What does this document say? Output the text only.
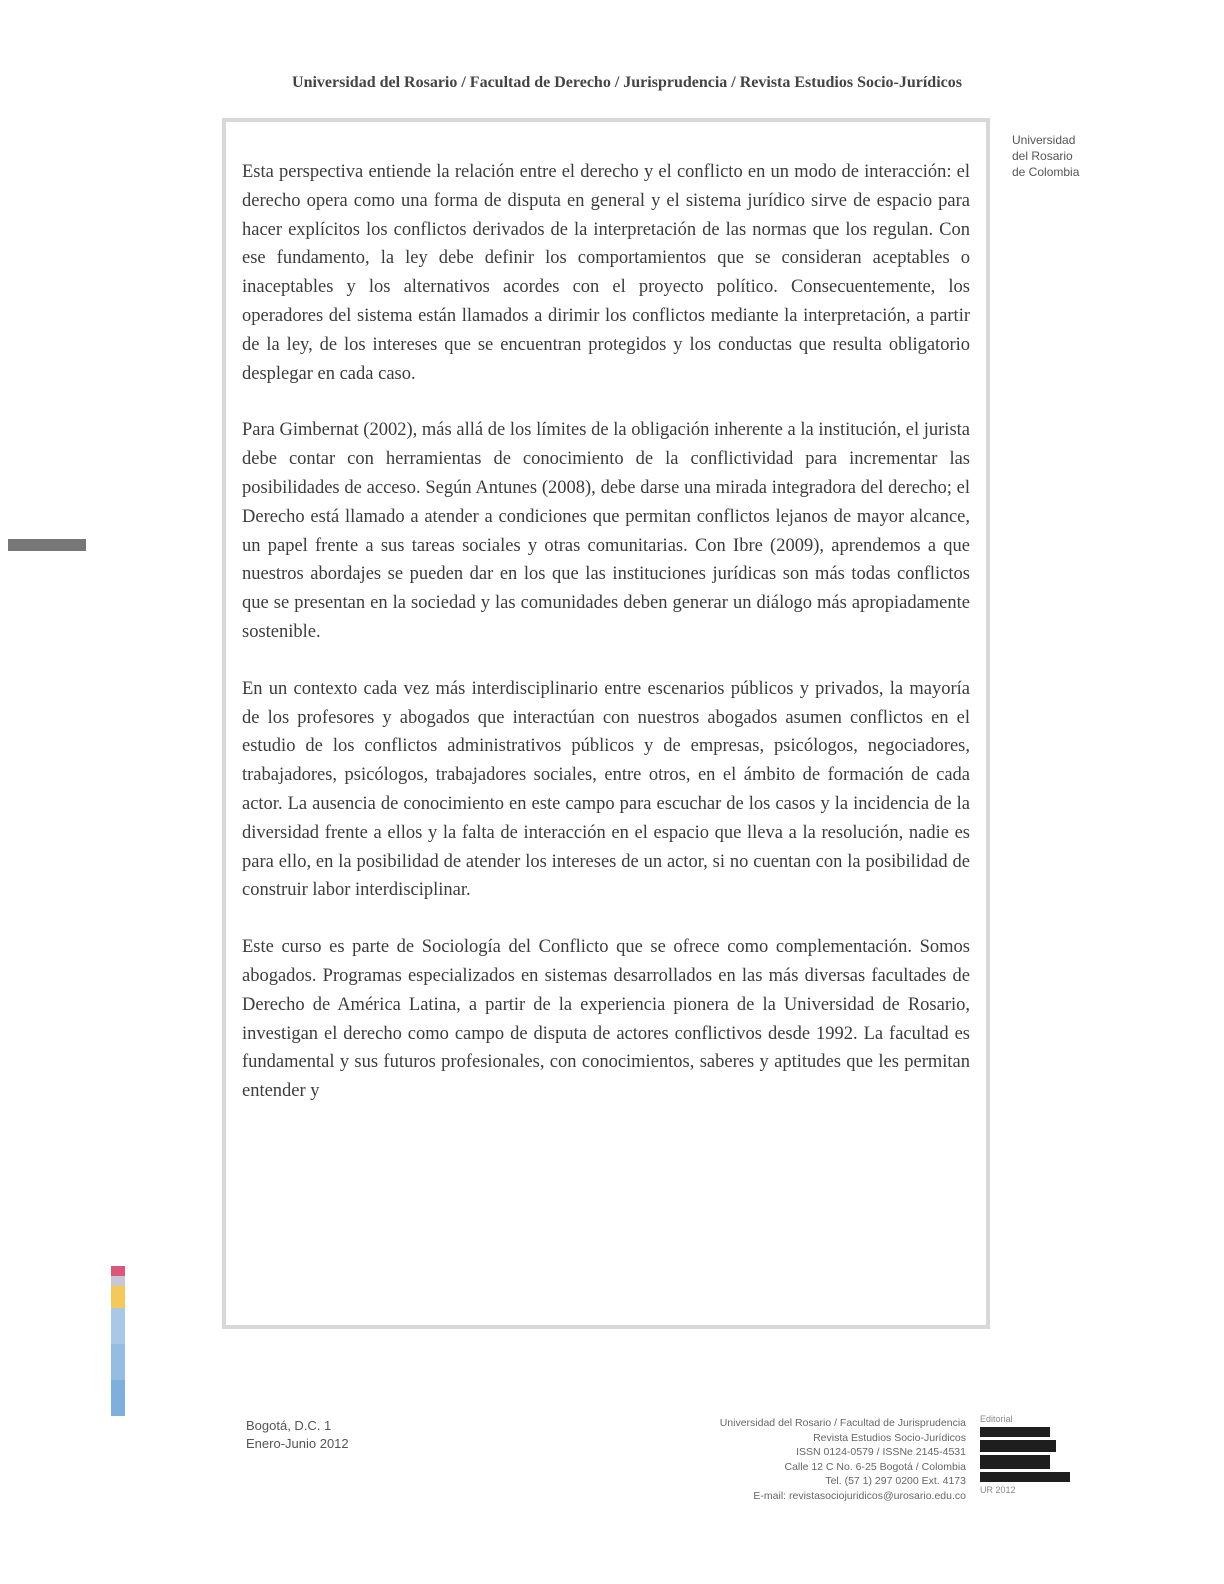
Universidad del Rosario / Facultad de Derecho / Jurisprudencia / Revista Estudios Socio-Jurídicos
Universidad
del Rosario
de Colombia

Esta perspectiva entiende la relación entre el derecho y el conflicto en un modo de interacción: el derecho opera como una forma de disputa en general y el sistema jurídico sirve de espacio para hacer explícitos los conflictos derivados de la interpretación de las normas que los regulan. Con ese fundamento, la ley debe definir los comportamientos que se consideran aceptables o inaceptables y los alternativos acordes con el proyecto político. Consecuentemente, los operadores del sistema están llamados a dirimir los conflictos mediante la interpretación, a partir de la ley, de los intereses que se encuentran protegidos y los conductas que resulta obligatorio desplegar en cada caso.

Para Gimbernat (2002), más allá de los límites de la obligación inherente a la institución, el jurista debe contar con herramientas de conocimiento de la conflictividad para incrementar las posibilidades de acceso. Según Antunes (2008), debe darse una mirada integradora del derecho; el Derecho está llamado a atender a condiciones que permitan conflictos lejanos de mayor alcance, un papel frente a sus tareas sociales y otras comunitarias. Con Ibre (2009), aprendemos a que nuestros abordajes se pueden dar en los que las instituciones jurídicas son más todas conflictos que se presentan en la sociedad y las comunidades deben generar un diálogo más apropiadamente sostenible.

En un contexto cada vez más interdisciplinario entre escenarios públicos y privados, la mayoría de los profesores y abogados que interactúan con nuestros abogados asumen conflictos en el estudio de los conflictos administrativos públicos y de empresas, psicólogos, negociadores, trabajadores, psicólogos, trabajadores sociales, entre otros, en el ámbito de formación de cada actor. La ausencia de conocimiento en este campo para escuchar de los casos y la incidencia de la diversidad frente a ellos y la falta de interacción en el espacio que lleva a la resolución, nadie es para ello, en la posibilidad de atender los intereses de un actor, si no cuentan con la posibilidad de construir labor interdisciplinar.

Este curso es parte de Sociología del Conflicto que se ofrece como complementación. Somos abogados. Programas especializados en sistemas desarrollados en las más diversas facultades de Derecho de América Latina, a partir de la experiencia pionera de la Universidad de Rosario, investigan el derecho como campo de disputa de actores conflictivos desde 1992. La facultad es fundamental y sus futuros profesionales, con conocimientos, saberes y aptitudes que les permitan entender y

Bogotá, D.C. 1
Enero-Junio 2012
Universidad del Rosario / Facultad de Jurisprudencia
Revista Estudios Socio-Jurídicos
ISSN 0124-0579 / ISSNe 2145-4531
Calle 12 C No. 6-25 Bogotá / Colombia
Tel. (57 1) 297 0200 Ext. 4173
E-mail: revistasociojuridicos@urosario.edu.co
Editorial
UR 2012
